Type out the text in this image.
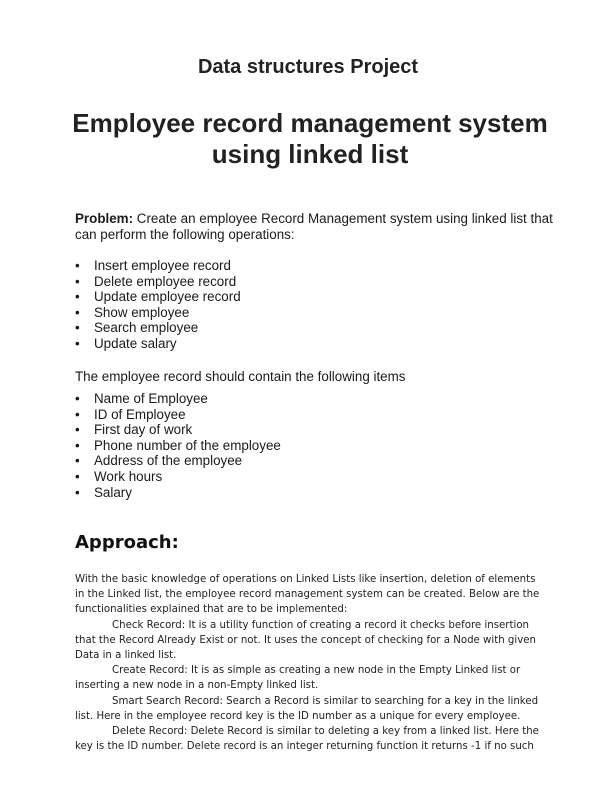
Data structures Project
Employee record management system
using linked list
Problem: Create an employee Record Management system using linked list that can perform the following operations:
• Insert employee record
• Delete employee record
• Update employee record
• Show employee
• Search employee
• Update salary
The employee record should contain the following items
• Name of Employee
• ID of Employee
• First day of work
• Phone number of the employee
• Address of the employee
• Work hours
• Salary
Approach:

With the basic knowledge of operations on Linked Lists like insertion, deletion of elements in the Linked list, the employee record management system can be created. Below are the functionalities explained that are to be implemented:

Check Record: It is a utility function of creating a record it checks before insertion that the Record Already Exist or not. It uses the concept of checking for a Node with given Data in a linked list.

Create Record: It is as simple as creating a new node in the Empty Linked list or inserting a new node in a non-Empty linked list.

Smart Search Record: Search a Record is similar to searching for a key in the linked list. Here in the employee record key is the ID number as a unique for every employee.

Delete Record: Delete Record is similar to deleting a key from a linked list. Here the key is the ID number. Delete record is an integer returning function it returns -1 if no such
